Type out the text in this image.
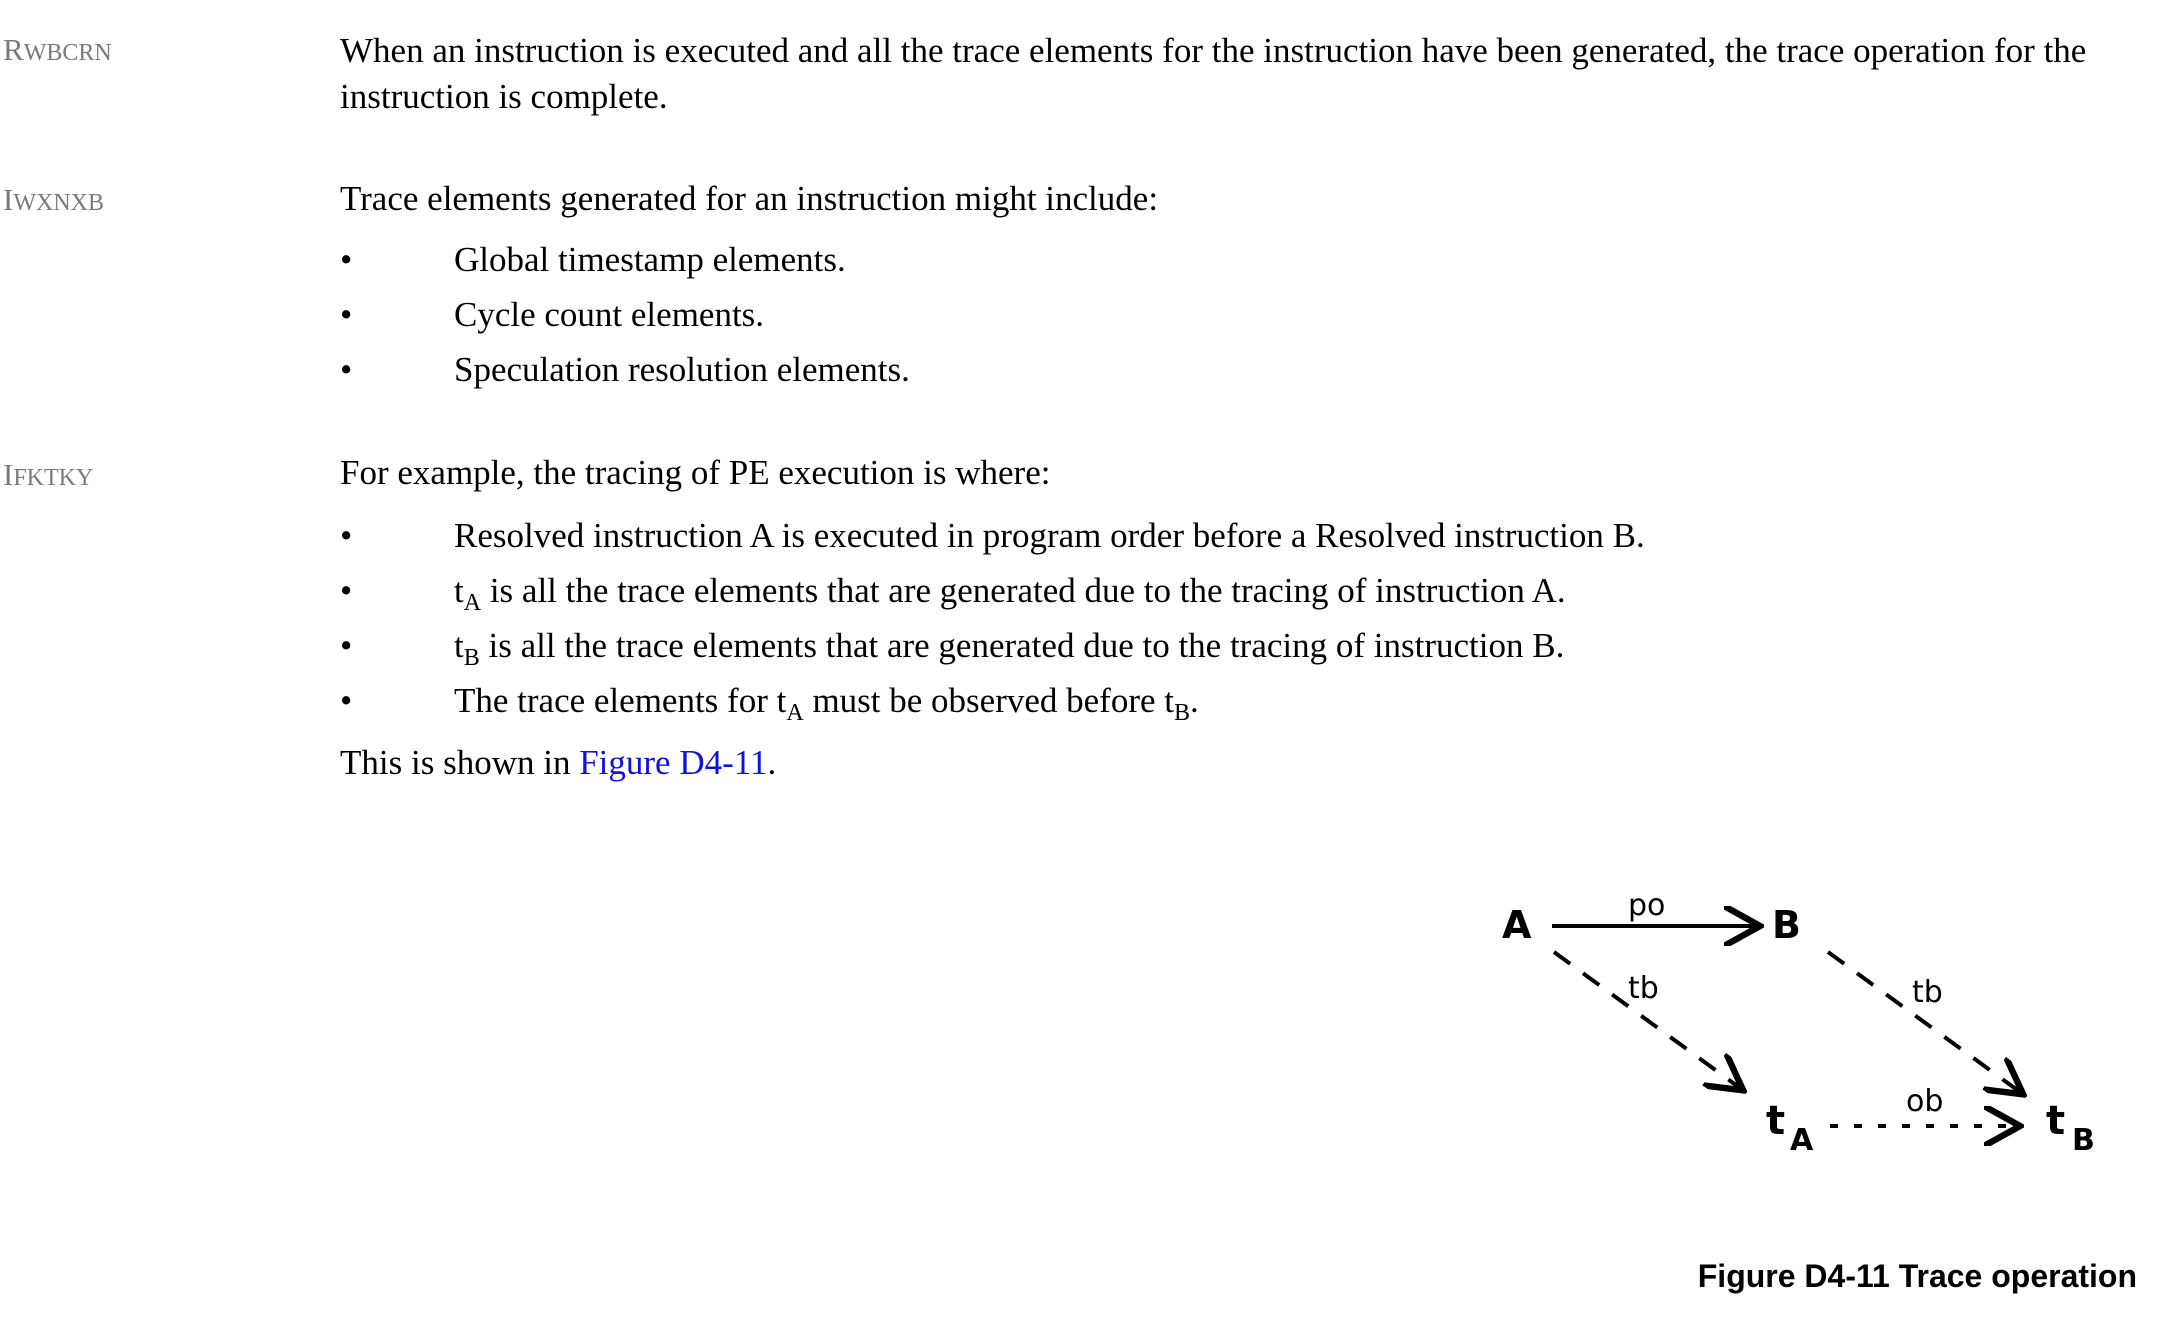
RWBCRN
IWXNXB
IFKTKY
When an instruction is executed and all the trace elements for the instruction have been generated, the trace operation for the instruction is complete.
Trace elements generated for an instruction might include:
•	Global timestamp elements.
•	Cycle count elements.
•	Speculation resolution elements.
For example, the tracing of PE execution is where:
•	Resolved instruction A is executed in program order before a Resolved instruction B.
•	$t_A$ is all the trace elements that are generated due to the tracing of instruction A.
•	$t_B$ is all the trace elements that are generated due to the tracing of instruction B.
•	The trace elements for $t_A$ must be observed before $t_B$.
This is shown in Figure D4-11.
A	B
t A	t B
po
tb	tb
ob
Figure D4-11 Trace operation
